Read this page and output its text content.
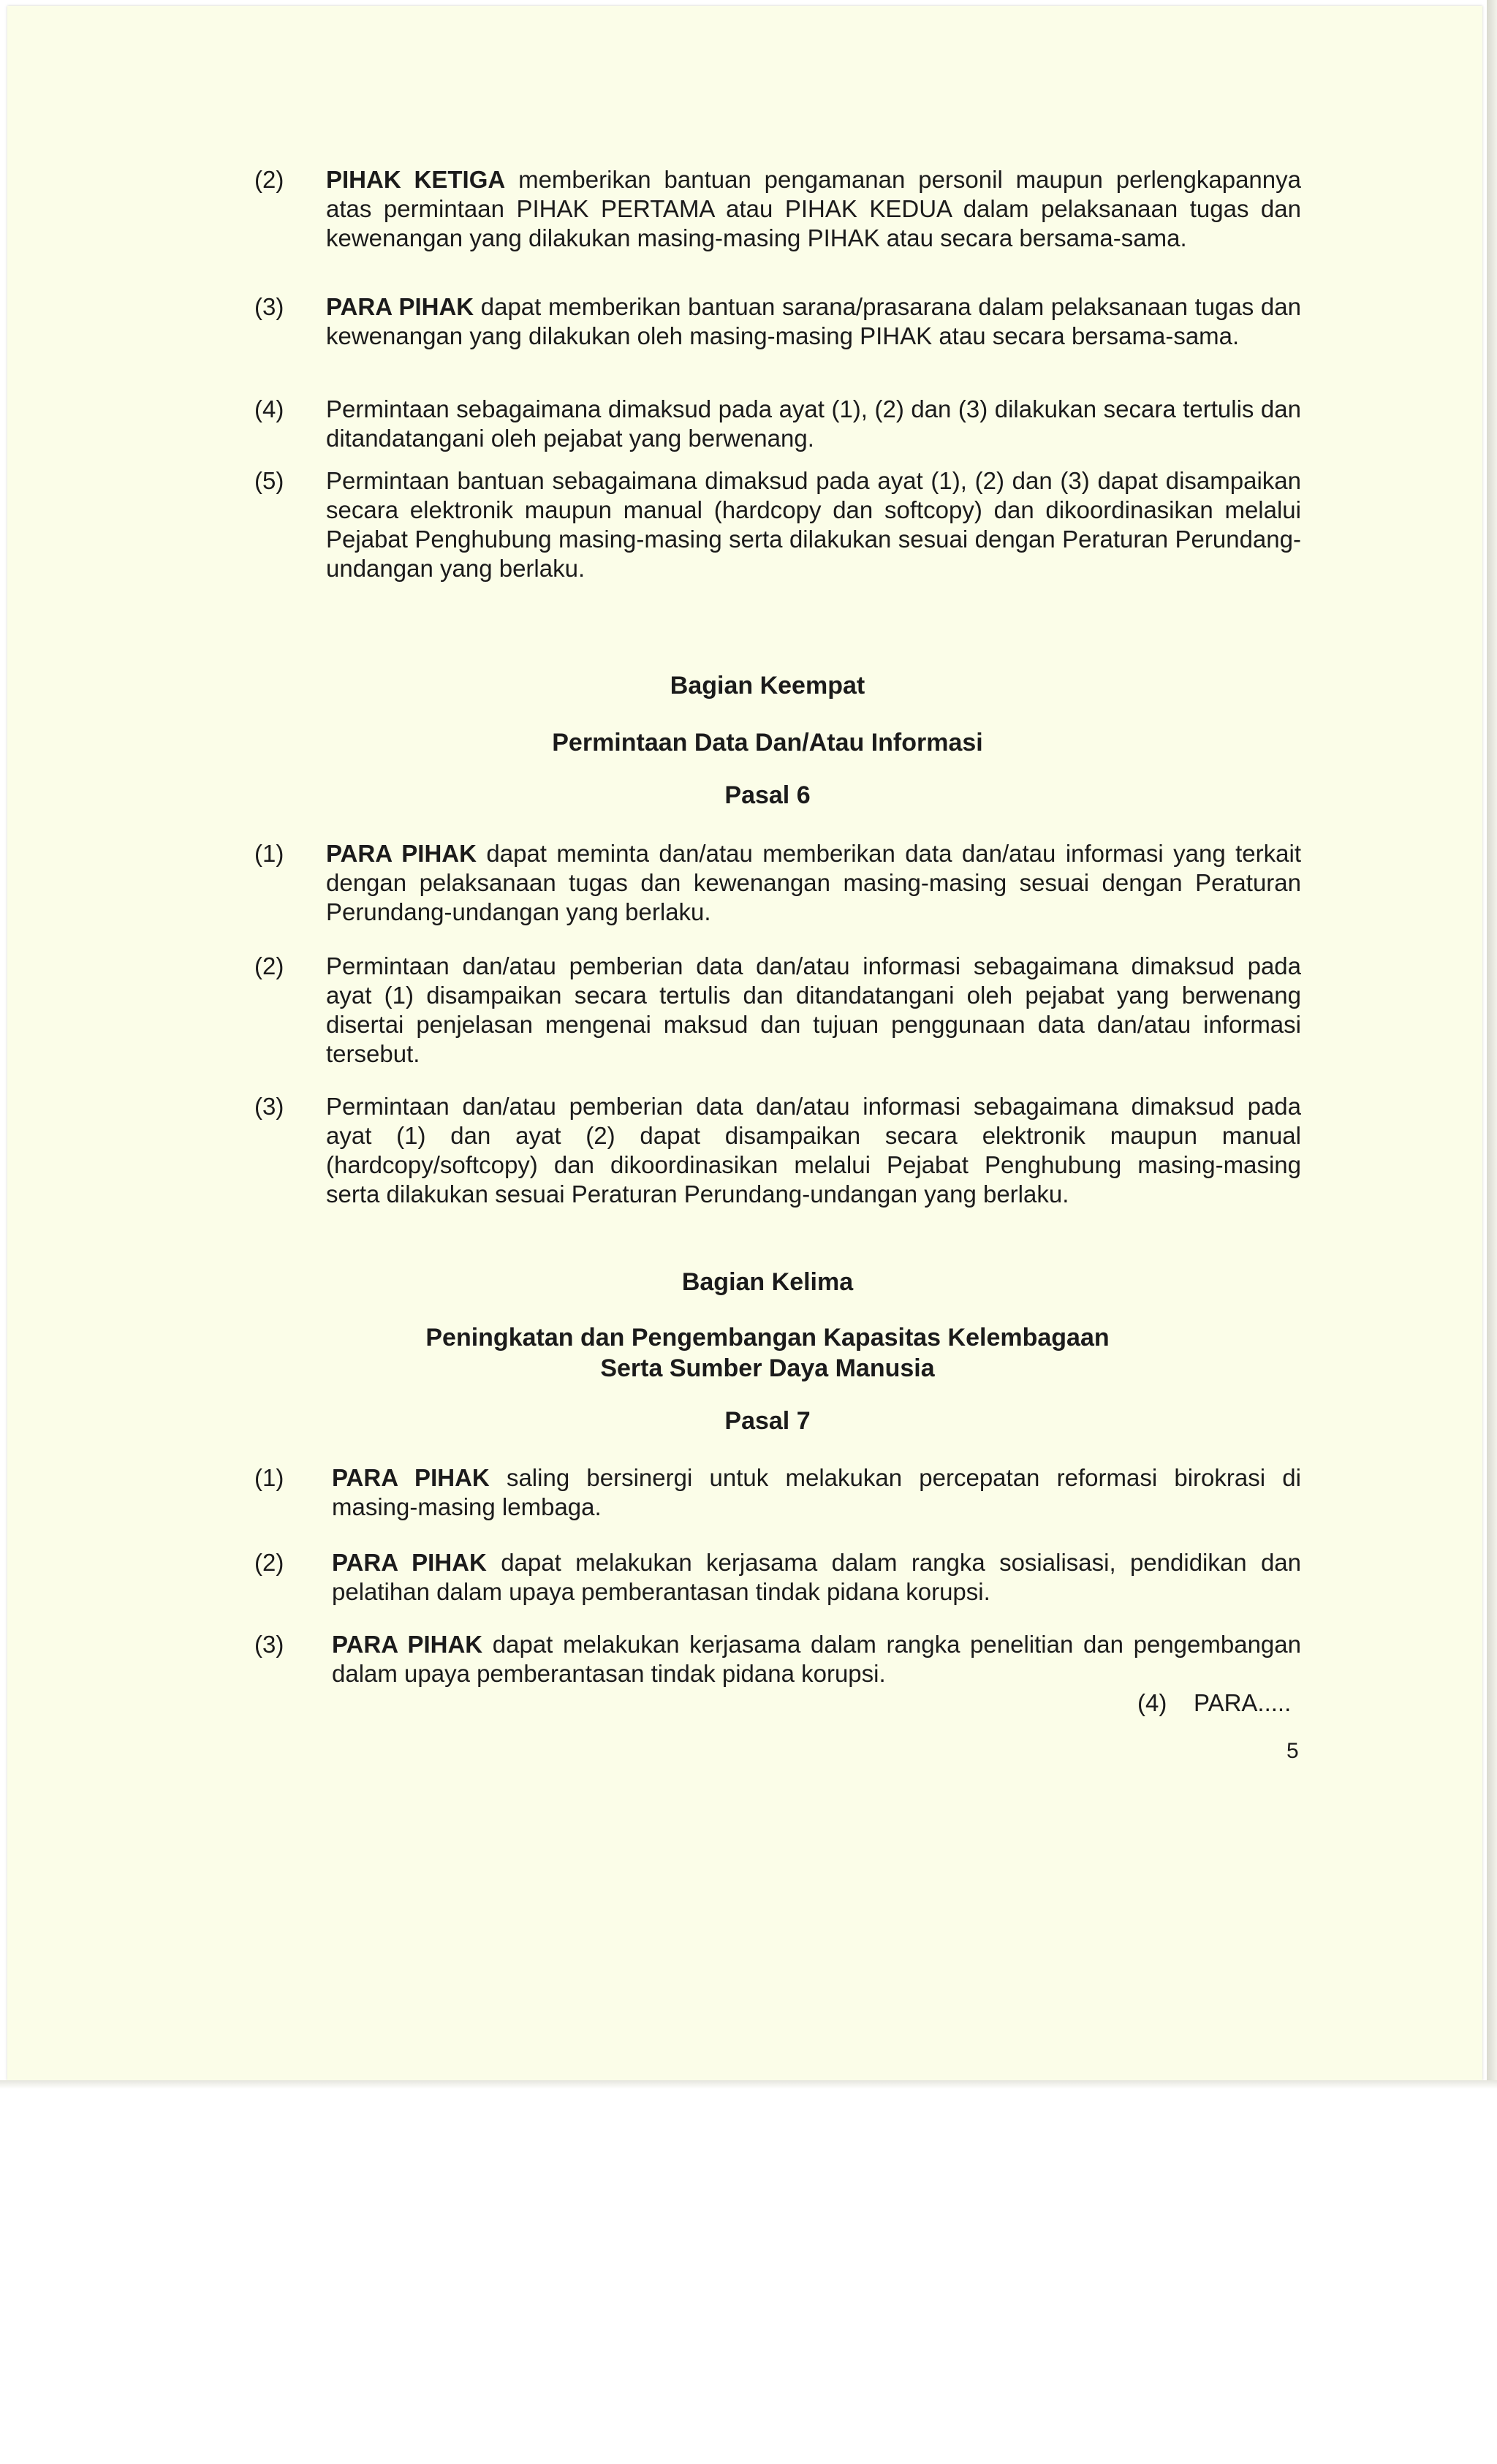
(2)	PIHAK KETIGA memberikan bantuan pengamanan personil maupun perlengkapannya atas permintaan PIHAK PERTAMA atau PIHAK KEDUA dalam pelaksanaan tugas dan kewenangan yang dilakukan masing-masing PIHAK atau secara bersama-sama.
(3)	PARA PIHAK dapat memberikan bantuan sarana/prasarana dalam pelaksanaan tugas dan kewenangan yang dilakukan oleh masing-masing PIHAK atau secara bersama-sama.
(4)	Permintaan sebagaimana dimaksud pada ayat (1), (2) dan (3) dilakukan secara tertulis dan ditandatangani oleh pejabat yang berwenang.
(5)	Permintaan bantuan sebagaimana dimaksud pada ayat (1), (2) dan (3) dapat disampaikan secara elektronik maupun manual (hardcopy dan softcopy) dan dikoordinasikan melalui Pejabat Penghubung masing-masing serta dilakukan sesuai dengan Peraturan Perundang-undangan yang berlaku.
Bagian Keempat
Permintaan Data Dan/Atau Informasi
Pasal 6
(1)	PARA PIHAK dapat meminta dan/atau memberikan data dan/atau informasi yang terkait dengan pelaksanaan tugas dan kewenangan masing-masing sesuai dengan Peraturan Perundang-undangan yang berlaku.
(2)	Permintaan dan/atau pemberian data dan/atau informasi sebagaimana dimaksud pada ayat (1) disampaikan secara tertulis dan ditandatangani oleh pejabat yang berwenang disertai penjelasan mengenai maksud dan tujuan penggunaan data dan/atau informasi tersebut.
(3)	Permintaan dan/atau pemberian data dan/atau informasi sebagaimana dimaksud pada ayat (1) dan ayat (2) dapat disampaikan secara elektronik maupun manual (hardcopy/softcopy) dan dikoordinasikan melalui Pejabat Penghubung masing-masing serta dilakukan sesuai Peraturan Perundang-undangan yang berlaku.
Bagian Kelima
Peningkatan dan Pengembangan Kapasitas Kelembagaan
Serta Sumber Daya Manusia
Pasal 7
(1)	PARA PIHAK saling bersinergi untuk melakukan percepatan reformasi birokrasi di masing-masing lembaga.
(2)	PARA PIHAK dapat melakukan kerjasama dalam rangka sosialisasi, pendidikan dan pelatihan dalam upaya pemberantasan tindak pidana korupsi.
(3)	PARA PIHAK dapat melakukan kerjasama dalam rangka penelitian dan pengembangan dalam upaya pemberantasan tindak pidana korupsi.
(4)    PARA.....
5
